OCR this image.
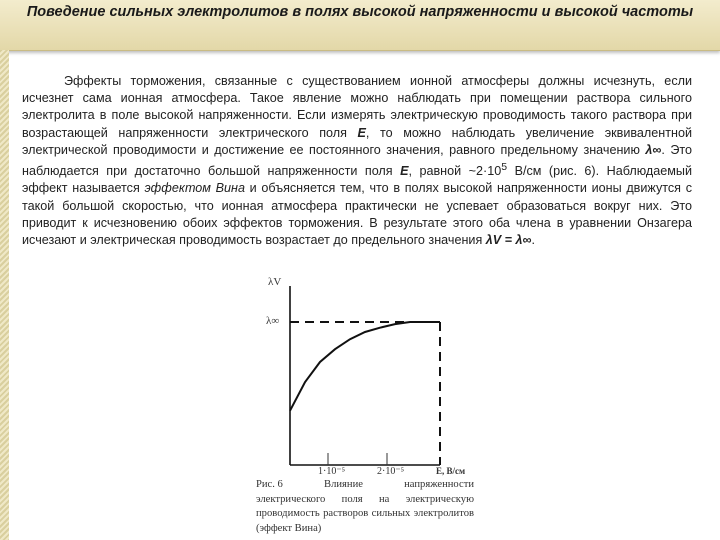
Поведение сильных электролитов в полях высокой напряженности и высокой частоты

Эффекты торможения, связанные с существованием ионной атмосферы должны исчезнуть, если исчезнет сама ионная атмосфера. Такое явление можно наблюдать при помещении раствора сильного электролита в поле высокой напряженности. Если измерять электрическую проводимость такого раствора при возрастающей напряженности электрического поля E, то можно наблюдать увеличение эквивалентной электрической проводимости и достижение ее постоянного значения, равного предельному значению λ∞. Это наблюдается при достаточно большой напряженности поля E, равной $\sim 2\cdot 10^5$ В/см (рис. 6). Наблюдаемый эффект называется эффектом Вина и объясняется тем, что в полях высокой напряженности ионы движутся с такой большой скоростью, что ионная атмосфера практически не успевает образоваться вокруг них. Это приводит к исчезновению обоих эффектов торможения. В результате этого оба члена в уравнении Онзагера исчезают и электрическая проводимость возрастает до предельного значения λV = λ∞.

λV
λ∞
1·10⁻⁵	2·10⁻⁵	E, B/см
Рис. 6	Влияние	напряженности
электрического поля на электрическую проводимость растворов сильных электролитов (эффект Вина)
